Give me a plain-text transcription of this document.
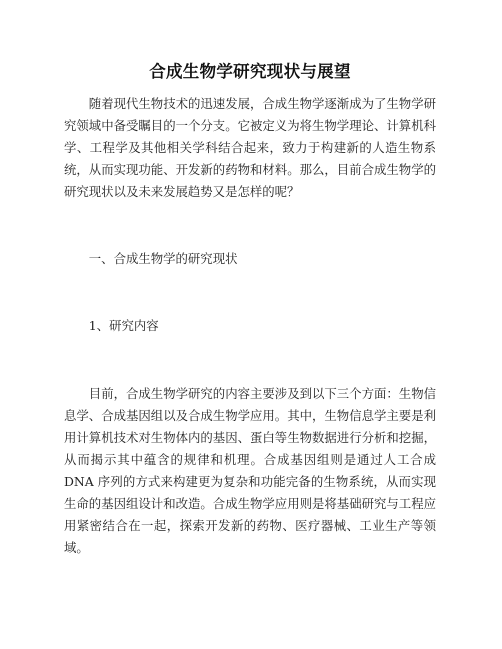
合成生物学研究现状与展望

随着现代生物技术的迅速发展，合成生物学逐渐成为了生物学研究领域中备受瞩目的一个分支。它被定义为将生物学理论、计算机科学、工程学及其他相关学科结合起来，致力于构建新的人造生物系统，从而实现功能、开发新的药物和材料。那么，目前合成生物学的研究现状以及未来发展趋势又是怎样的呢？

一、合成生物学的研究现状

1、研究内容

目前，合成生物学研究的内容主要涉及到以下三个方面：生物信息学、合成基因组以及合成生物学应用。其中，生物信息学主要是利用计算机技术对生物体内的基因、蛋白等生物数据进行分析和挖掘，从而揭示其中蕴含的规律和机理。合成基因组则是通过人工合成 DNA 序列的方式来构建更为复杂和功能完备的生物系统，从而实现生命的基因组设计和改造。合成生物学应用则是将基础研究与工程应用紧密结合在一起，探索开发新的药物、医疗器械、工业生产等领域。
